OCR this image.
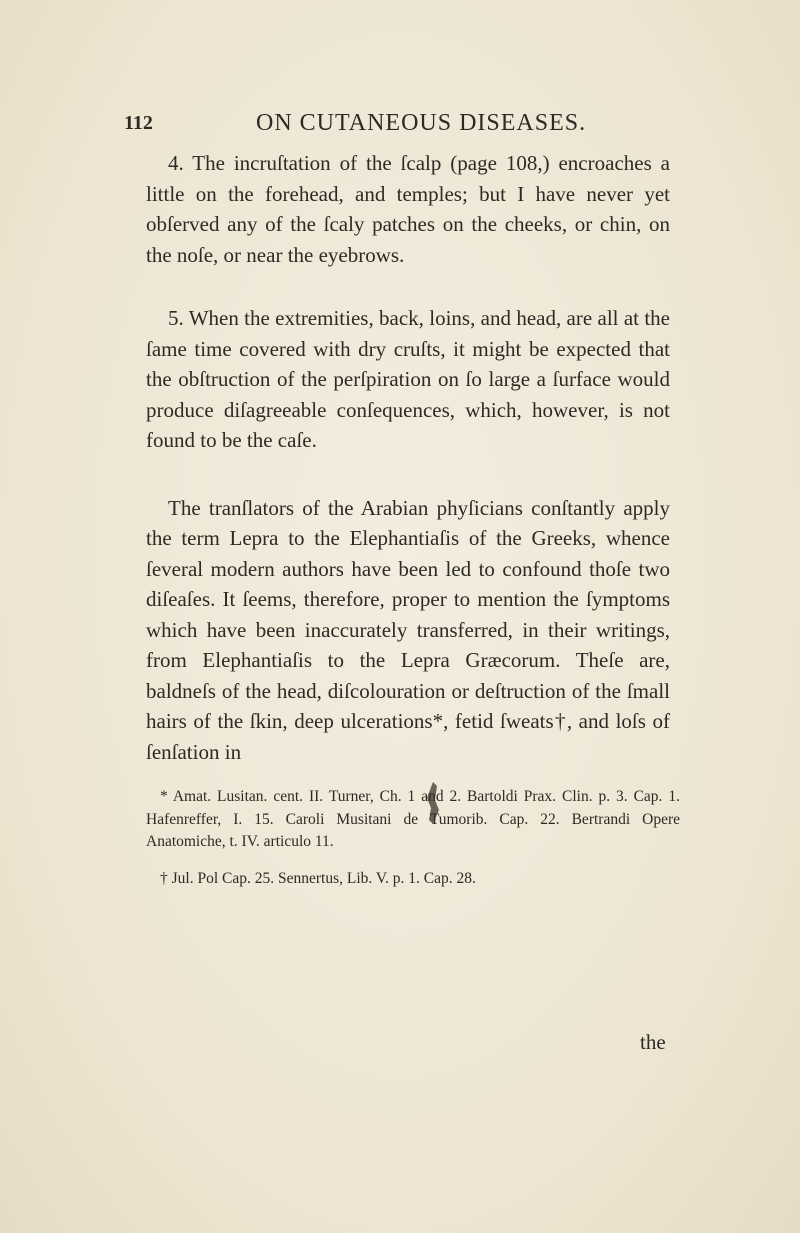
112	ON CUTANEOUS DISEASES.

4. The incruſtation of the ſcalp (page 108,) encroaches a little on the forehead, and temples; but I have never yet obſerved any of the ſcaly patches on the cheeks, or chin, on the noſe, or near the eyebrows.

5. When the extremities, back, loins, and head, are all at the ſame time covered with dry cruſts, it might be expected that the obſtruction of the perſpiration on ſo large a ſurface would produce diſagreeable conſequences, which, however, is not found to be the caſe.

The tranſlators of the Arabian phyſicians conſtantly apply the term Lepra to the Elephantiaſis of the Greeks, whence ſeveral modern authors have been led to confound thoſe two diſeaſes. It ſeems, therefore, proper to mention the ſymptoms which have been inaccurately transferred, in their writings, from Elephantiaſis to the Lepra Græcorum. Theſe are, baldneſs of the head, diſcolouration or deſtruction of the ſmall hairs of the ſkin, deep ulcerations*, fetid ſweats†, and loſs of ſenſation in

* Amat. Lusitan. cent. II. Turner, Ch. 1 and 2. Bartoldi Prax. Clin. p. 3. Cap. 1. Hafenreffer, I. 15. Caroli Musitani de Tumorib. Cap. 22. Bertrandi Opere Anatomiche, t. IV. articulo 11.

† Jul. Pol Cap. 25. Sennertus, Lib. V. p. 1. Cap. 28.

the
